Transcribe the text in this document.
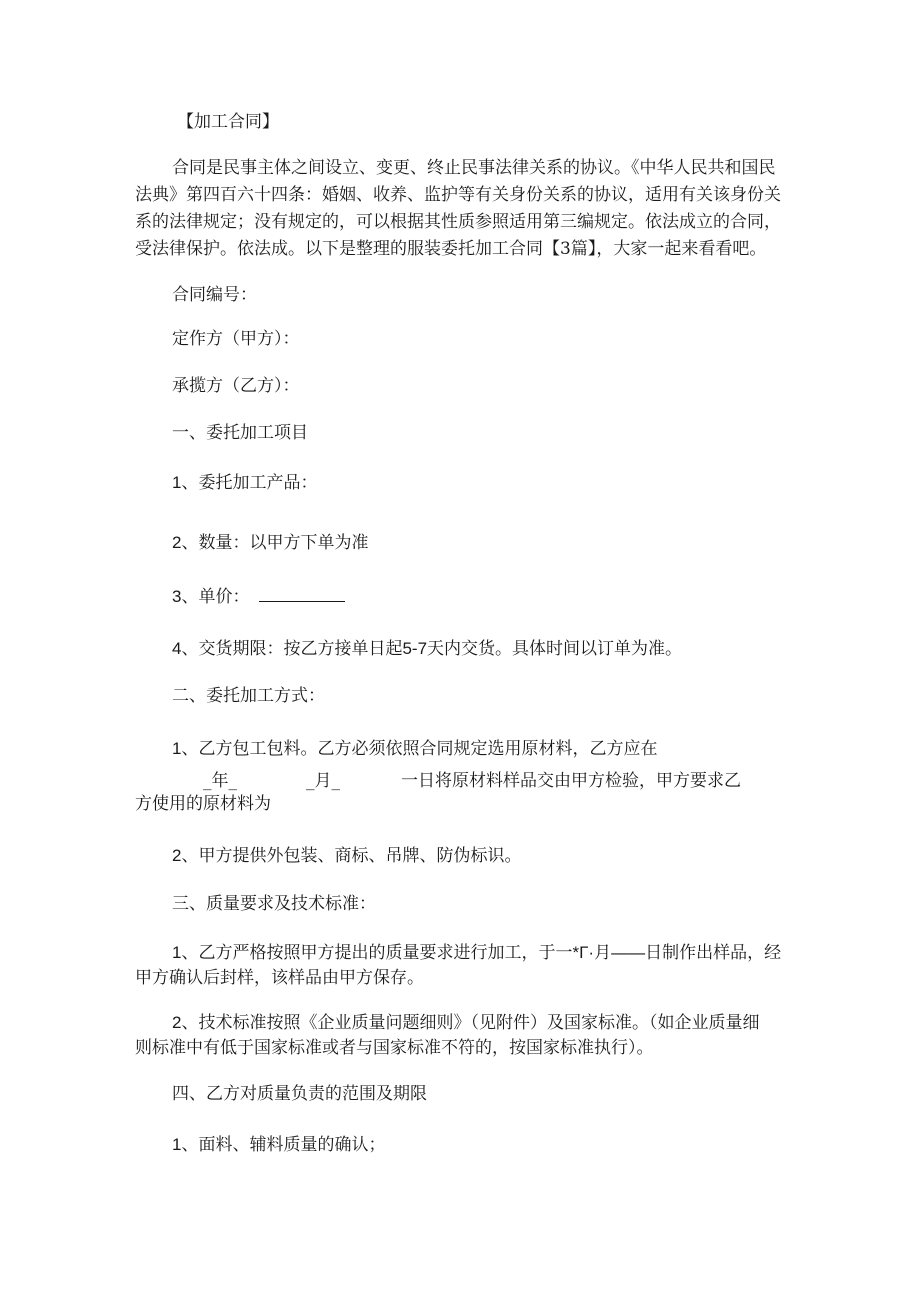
【加工合同】
合同是民事主体之间设立、变更、终止民事法律关系的协议。《中华人民共和国民
法典》第四百六十四条：婚姻、收养、监护等有关身份关系的协议，适用有关该身份关
系的法律规定；没有规定的，可以根据其性质参照适用第三编规定。依法成立的合同，
受法律保护。依法成。以下是整理的服装委托加工合同【3篇】，大家一起来看看吧。
合同编号：
定作方（甲方）：
承揽方（乙方）：
一、委托加工项目
1、委托加工产品：
2、数量：以甲方下单为准
3、单价：
4、交货期限：按乙方接单日起5-7天内交货。具体时间以订单为准。
二、委托加工方式：
1、乙方包工包料。乙方必须依照合同规定选用原材料，乙方应在
_年_	_月_	一日将原材料样品交由甲方检验，甲方要求乙
方使用的原材料为
2、甲方提供外包装、商标、吊牌、防伪标识。
三、质量要求及技术标准：
1、乙方严格按照甲方提出的质量要求进行加工，于一*Γ·月——日制作出样品，经
甲方确认后封样，该样品由甲方保存。
2、技术标准按照《企业质量问题细则》（见附件）及国家标准。（如企业质量细
则标准中有低于国家标准或者与国家标准不符的，按国家标准执行）。
四、乙方对质量负责的范围及期限
1、面料、辅料质量的确认；
